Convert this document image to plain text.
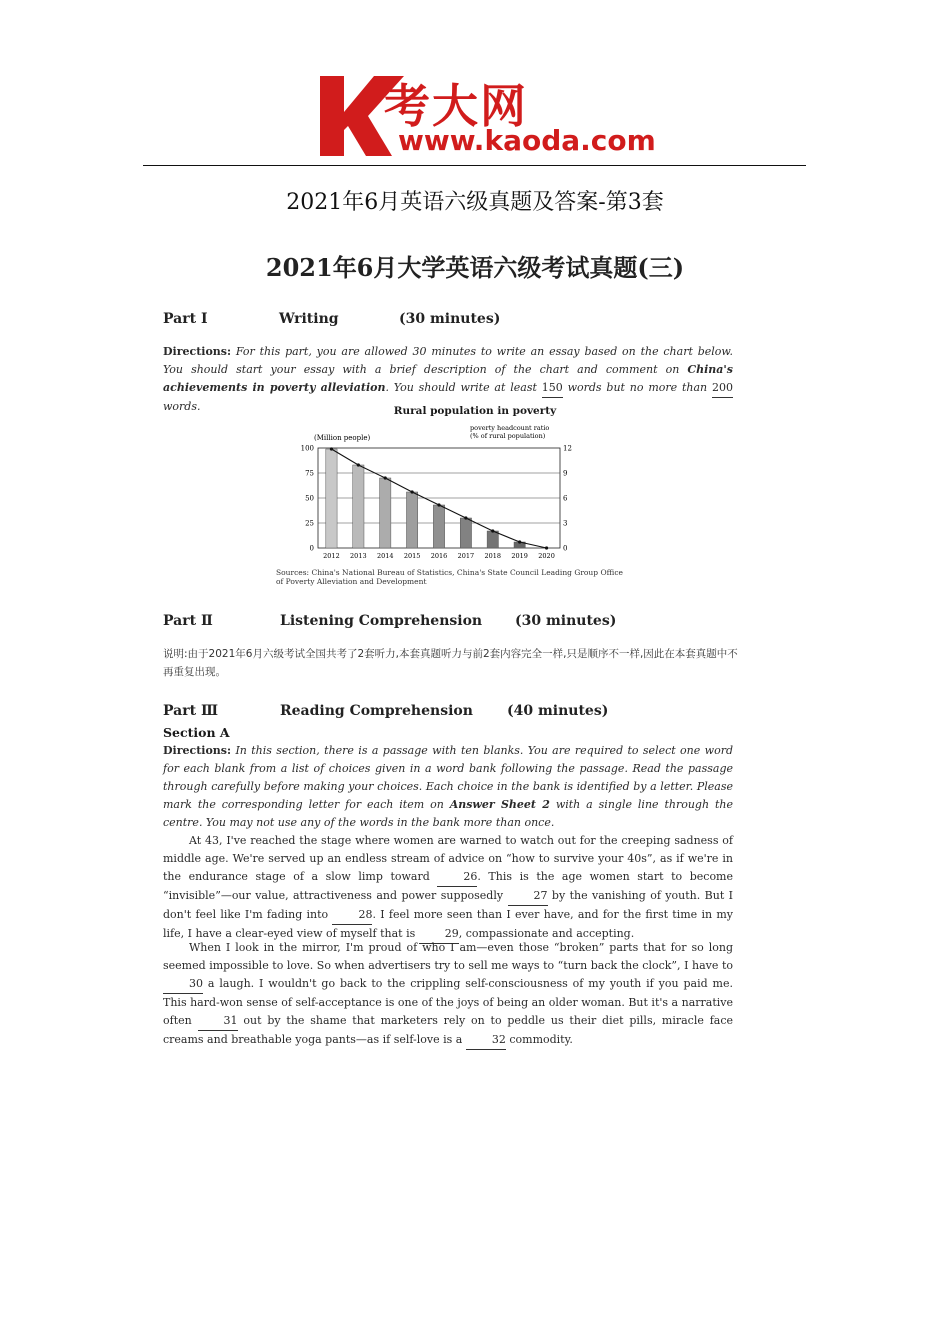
考大网
www.kaoda.com
2021年6月英语六级真题及答案-第3套
2021年6月大学英语六级考试真题(三)
Part Ⅰ	Writing	(30 minutes)
Directions: For this part, you are allowed 30 minutes to write an essay based on the chart below. You should start your essay with a brief description of the chart and comment on China's achievements in poverty alleviation. You should write at least 150 words but no more than 200 words.	Rural population in poverty
(Million people)
poverty headcount ratio
(% of rural population)
0	0
25	3
50	6
75	9
100	12
2012 2013 2014 2015 2016 2017 2018 2019 2020
Sources: China's National Bureau of Statistics, China's State Council Leading Group Office of Poverty Alleviation and Development
Part Ⅱ	Listening Comprehension (30 minutes)
说明:由于2021年6月六级考试全国共考了2套听力,本套真题听力与前2套内容完全一样,只是顺序不一样,因此在本套真题中不再重复出现。
Part Ⅲ	Reading Comprehension (40 minutes)
Section A
Directions: In this section, there is a passage with ten blanks. You are required to select one word for each blank from a list of choices given in a word bank following the passage. Read the passage through carefully before making your choices. Each choice in the bank is identified by a letter. Please mark the corresponding letter for each item on Answer Sheet 2 with a single line through the centre. You may not use any of the words in the bank more than once.
At 43, I've reached the stage where women are warned to watch out for the creeping sadness of middle age. We're served up an endless stream of advice on “how to survive your 40s”, as if we're in the endurance stage of a slow limp toward 26. This is the age women start to become “invisible”—our value, attractiveness and power supposedly 27 by the vanishing of youth. But I don't feel like I'm fading into 28. I feel more seen than I ever have, and for the first time in my life, I have a clear-eyed view of myself that is 29, compassionate and accepting.
When I look in the mirror, I'm proud of who I am—even those “broken” parts that for so long seemed impossible to love. So when advertisers try to sell me ways to “turn back the clock”, I have to 30 a laugh. I wouldn't go back to the crippling self-consciousness of my youth if you paid me. This hard-won sense of self-acceptance is one of the joys of being an older woman. But it's a narrative often 31 out by the shame that marketers rely on to peddle us their diet pills, miracle face creams and breathable yoga pants—as if self-love is a 32 commodity.
